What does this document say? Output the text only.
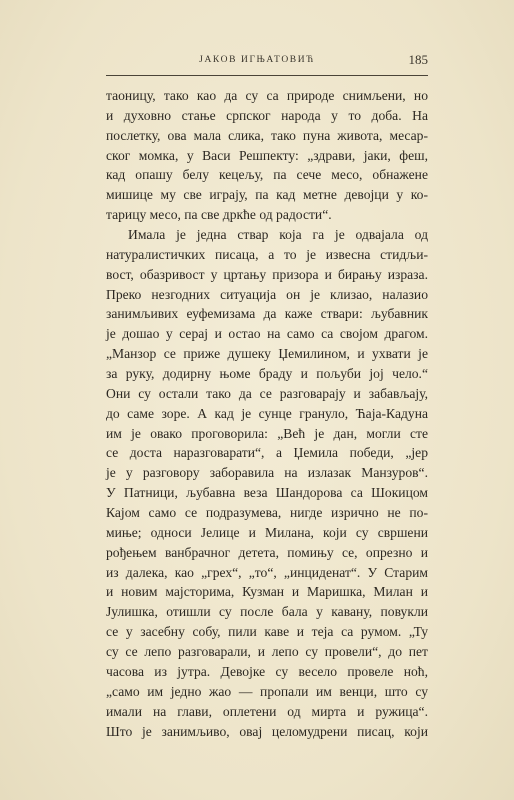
ЈАКОВ ИГЊАТОВИЋ	185
таоницу, тако као да су са природе снимљени, но
и духовно стање српског народа у то доба. На
послетку, ова мала слика, тако пуна живота, месар-
ског момка, у Васи Решпекту: „здрави, јаки, феш,
кад опашу белу кецељу, па сече месо, обнажене
мишице му све играју, па кад метне девојци у ко-
тарицу месо, па све дркће од радости“.
Имала је једна ствар која га је одвајала од
натуралистичких писаца, а то је извесна стидљи-
вост, обазривост у цртању призора и бирању израза.
Преко незгодних ситуација он је клизао, налазио
занимљивих еуфемизама да каже ствари: љубавник
је дошао у серај и остао на само са својом драгом.
„Манзор се прижe душеку Џемилином, и ухвати је
за руку, додирну њоме браду и пољуби јој чело.“
Они су остали тако да се разговарају и забављају,
до саме зоре. А кад је сунце грануло, Ћаја-Кадуна
им је овако проговорила: „Већ је дан, могли сте
се доста наразговарати“, а Џемила победи, „јер
је у разговору заборавила на излазак Манзуров“.
У Патници, љубавна веза Шандорова са Шокицом
Кајом само се подразумева, нигде изрично не по-
миње; односи Јелице и Милана, који су свршени
рођењем ванбрачног детета, помињу се, опрезно и
из далека, као „грех“, „то“, „инциденат“. У Старим
и новим мајсторима, Кузман и Маришка, Милан и
Јулишка, отишли су после бала у кавану, повукли
се у засебну собу, пили каве и теја са румом. „Ту
су се лепо разговарали, и лепо су провели“, до пет
часова из јутра. Девојке су весело провеле ноћ,
„само им једно жао — пропали им венци, што су
имали на глави, оплетени од мирта и ружица“.
Што је занимљиво, овај целомудрени писац, који
